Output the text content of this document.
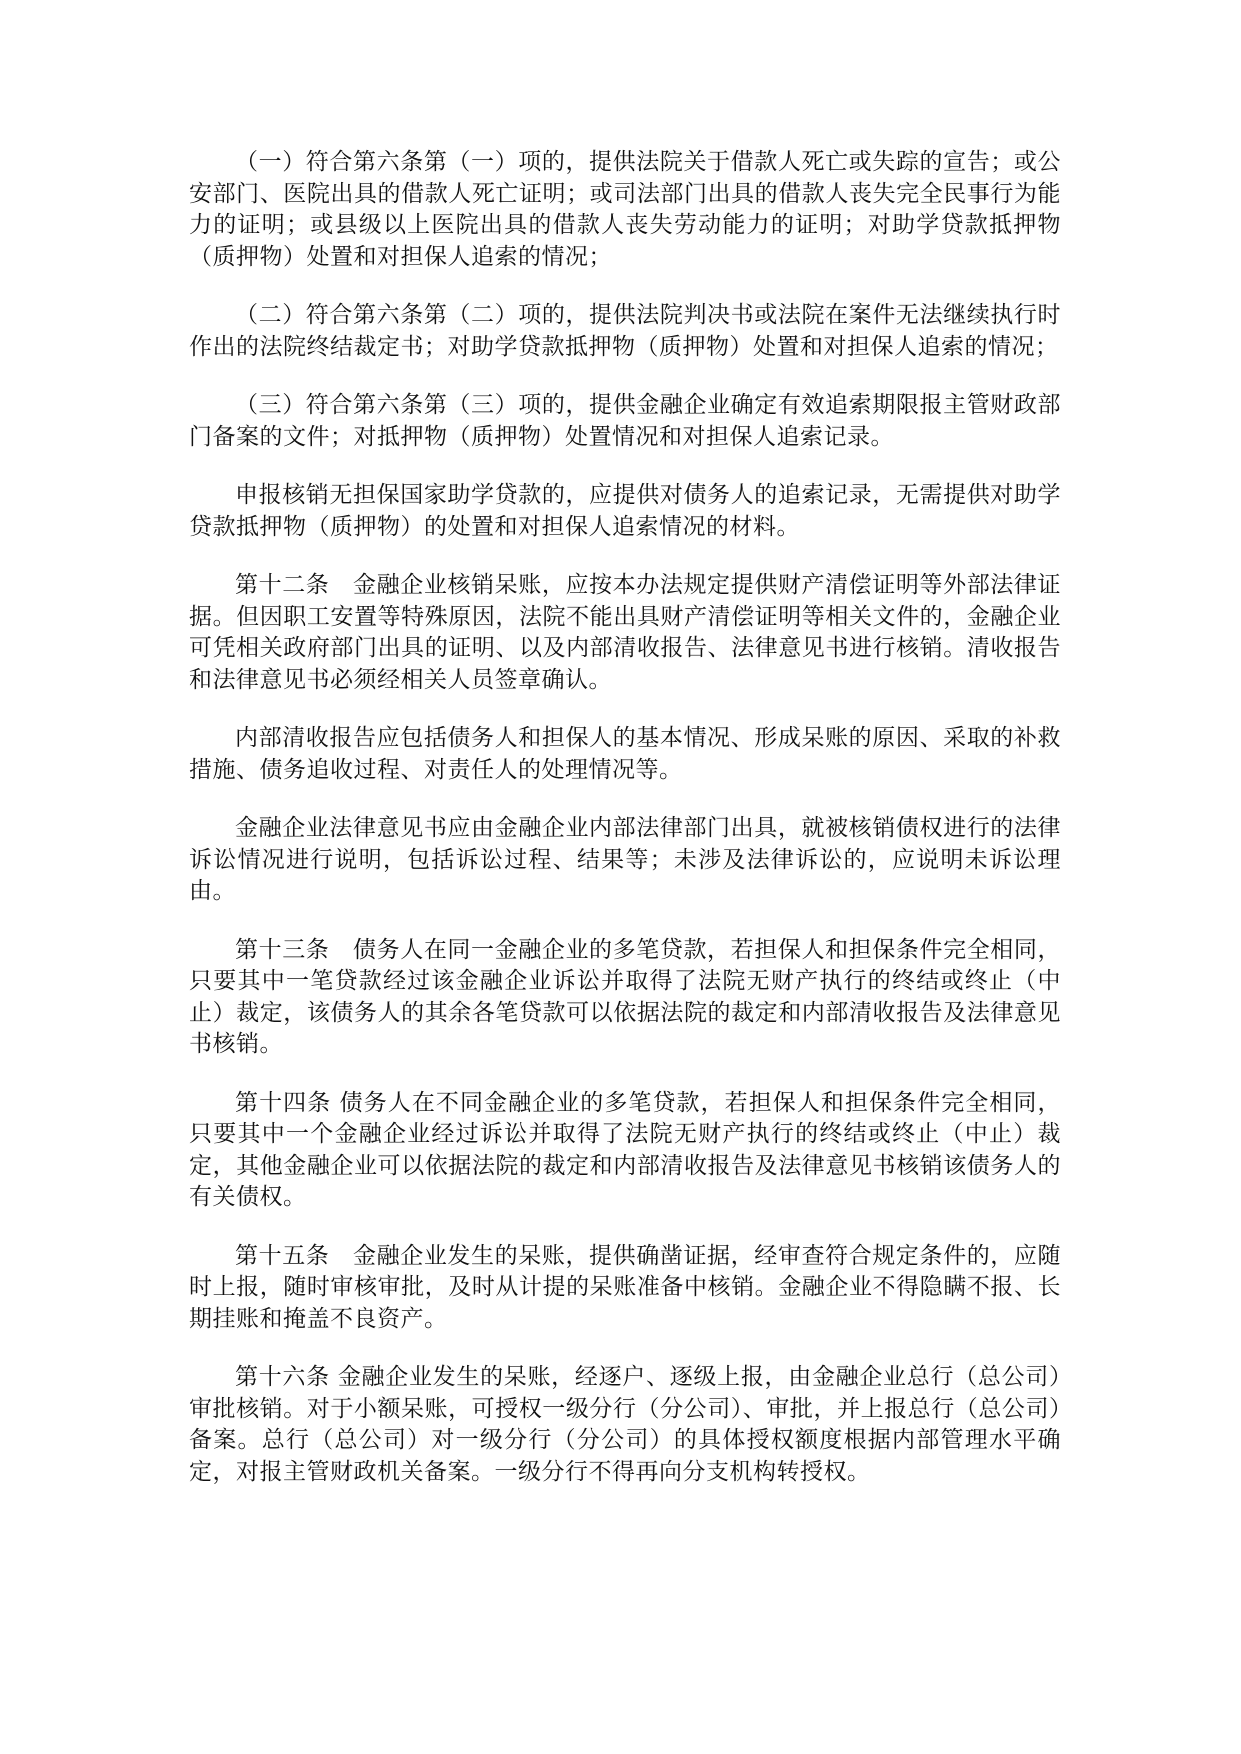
（一）符合第六条第（一）项的，提供法院关于借款人死亡或失踪的宣告；或公安部门、医院出具的借款人死亡证明；或司法部门出具的借款人丧失完全民事行为能力的证明；或县级以上医院出具的借款人丧失劳动能力的证明；对助学贷款抵押物（质押物）处置和对担保人追索的情况；

（二）符合第六条第（二）项的，提供法院判决书或法院在案件无法继续执行时作出的法院终结裁定书；对助学贷款抵押物（质押物）处置和对担保人追索的情况；

（三）符合第六条第（三）项的，提供金融企业确定有效追索期限报主管财政部门备案的文件；对抵押物（质押物）处置情况和对担保人追索记录。

申报核销无担保国家助学贷款的，应提供对债务人的追索记录，无需提供对助学贷款抵押物（质押物）的处置和对担保人追索情况的材料。

第十二条　金融企业核销呆账，应按本办法规定提供财产清偿证明等外部法律证据。但因职工安置等特殊原因，法院不能出具财产清偿证明等相关文件的，金融企业可凭相关政府部门出具的证明、以及内部清收报告、法律意见书进行核销。清收报告和法律意见书必须经相关人员签章确认。

内部清收报告应包括债务人和担保人的基本情况、形成呆账的原因、采取的补救措施、债务追收过程、对责任人的处理情况等。

金融企业法律意见书应由金融企业内部法律部门出具，就被核销债权进行的法律诉讼情况进行说明，包括诉讼过程、结果等；未涉及法律诉讼的，应说明未诉讼理由。

第十三条　债务人在同一金融企业的多笔贷款，若担保人和担保条件完全相同，只要其中一笔贷款经过该金融企业诉讼并取得了法院无财产执行的终结或终止（中止）裁定，该债务人的其余各笔贷款可以依据法院的裁定和内部清收报告及法律意见书核销。

第十四条 债务人在不同金融企业的多笔贷款，若担保人和担保条件完全相同，只要其中一个金融企业经过诉讼并取得了法院无财产执行的终结或终止（中止）裁定，其他金融企业可以依据法院的裁定和内部清收报告及法律意见书核销该债务人的有关债权。

第十五条　金融企业发生的呆账，提供确凿证据，经审查符合规定条件的，应随时上报，随时审核审批，及时从计提的呆账准备中核销。金融企业不得隐瞒不报、长期挂账和掩盖不良资产。

第十六条 金融企业发生的呆账，经逐户、逐级上报，由金融企业总行（总公司）审批核销。对于小额呆账，可授权一级分行（分公司）、审批，并上报总行（总公司）备案。总行（总公司）对一级分行（分公司）的具体授权额度根据内部管理水平确定，对报主管财政机关备案。一级分行不得再向分支机构转授权。
